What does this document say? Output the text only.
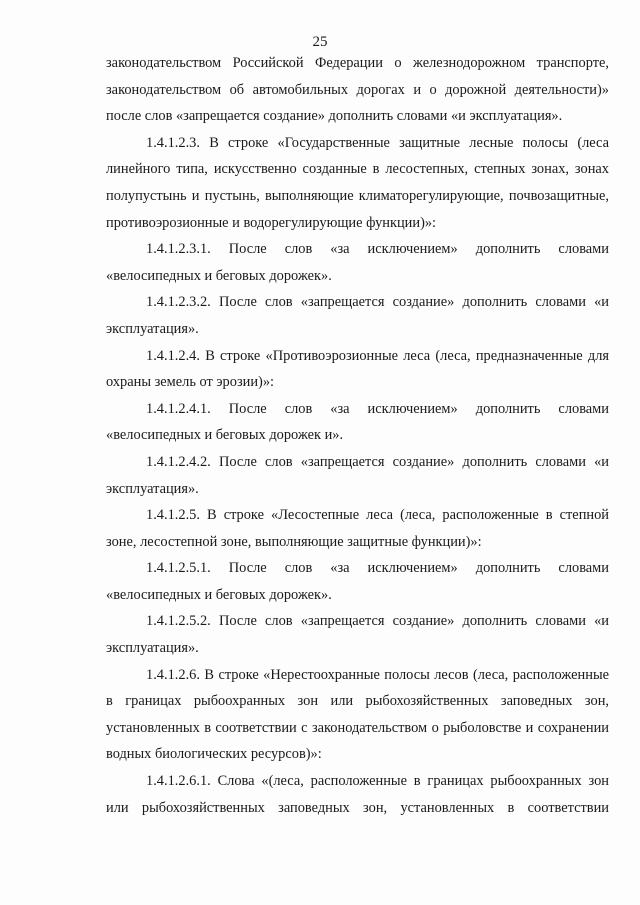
25

законодательством Российской Федерации о железнодорожном транспорте, законодательством об автомобильных дорогах и о дорожной деятельности)» после слов «запрещается создание» дополнить словами «и эксплуатация».

1.4.1.2.3. В строке «Государственные защитные лесные полосы (леса линейного типа, искусственно созданные в лесостепных, степных зонах, зонах полупустынь и пустынь, выполняющие климаторегулирующие, почвозащитные, противоэрозионные и водорегулирующие функции)»:

1.4.1.2.3.1. После слов «за исключением» дополнить словами «велосипедных и беговых дорожек».

1.4.1.2.3.2. После слов «запрещается создание» дополнить словами «и эксплуатация».

1.4.1.2.4. В строке «Противоэрозионные леса (леса, предназначенные для охраны земель от эрозии)»:

1.4.1.2.4.1. После слов «за исключением» дополнить словами «велосипедных и беговых дорожек и».

1.4.1.2.4.2. После слов «запрещается создание» дополнить словами «и эксплуатация».

1.4.1.2.5. В строке «Лесостепные леса (леса, расположенные в степной зоне, лесостепной зоне, выполняющие защитные функции)»:

1.4.1.2.5.1. После слов «за исключением» дополнить словами «велосипедных и беговых дорожек».

1.4.1.2.5.2. После слов «запрещается создание» дополнить словами «и эксплуатация».

1.4.1.2.6. В строке «Нерестоохранные полосы лесов (леса, расположенные в границах рыбоохранных зон или рыбохозяйственных заповедных зон, установленных в соответствии с законодательством о рыболовстве и сохранении водных биологических ресурсов)»:

1.4.1.2.6.1. Слова «(леса, расположенные в границах рыбоохранных зон или рыбохозяйственных заповедных зон, установленных в соответствии
